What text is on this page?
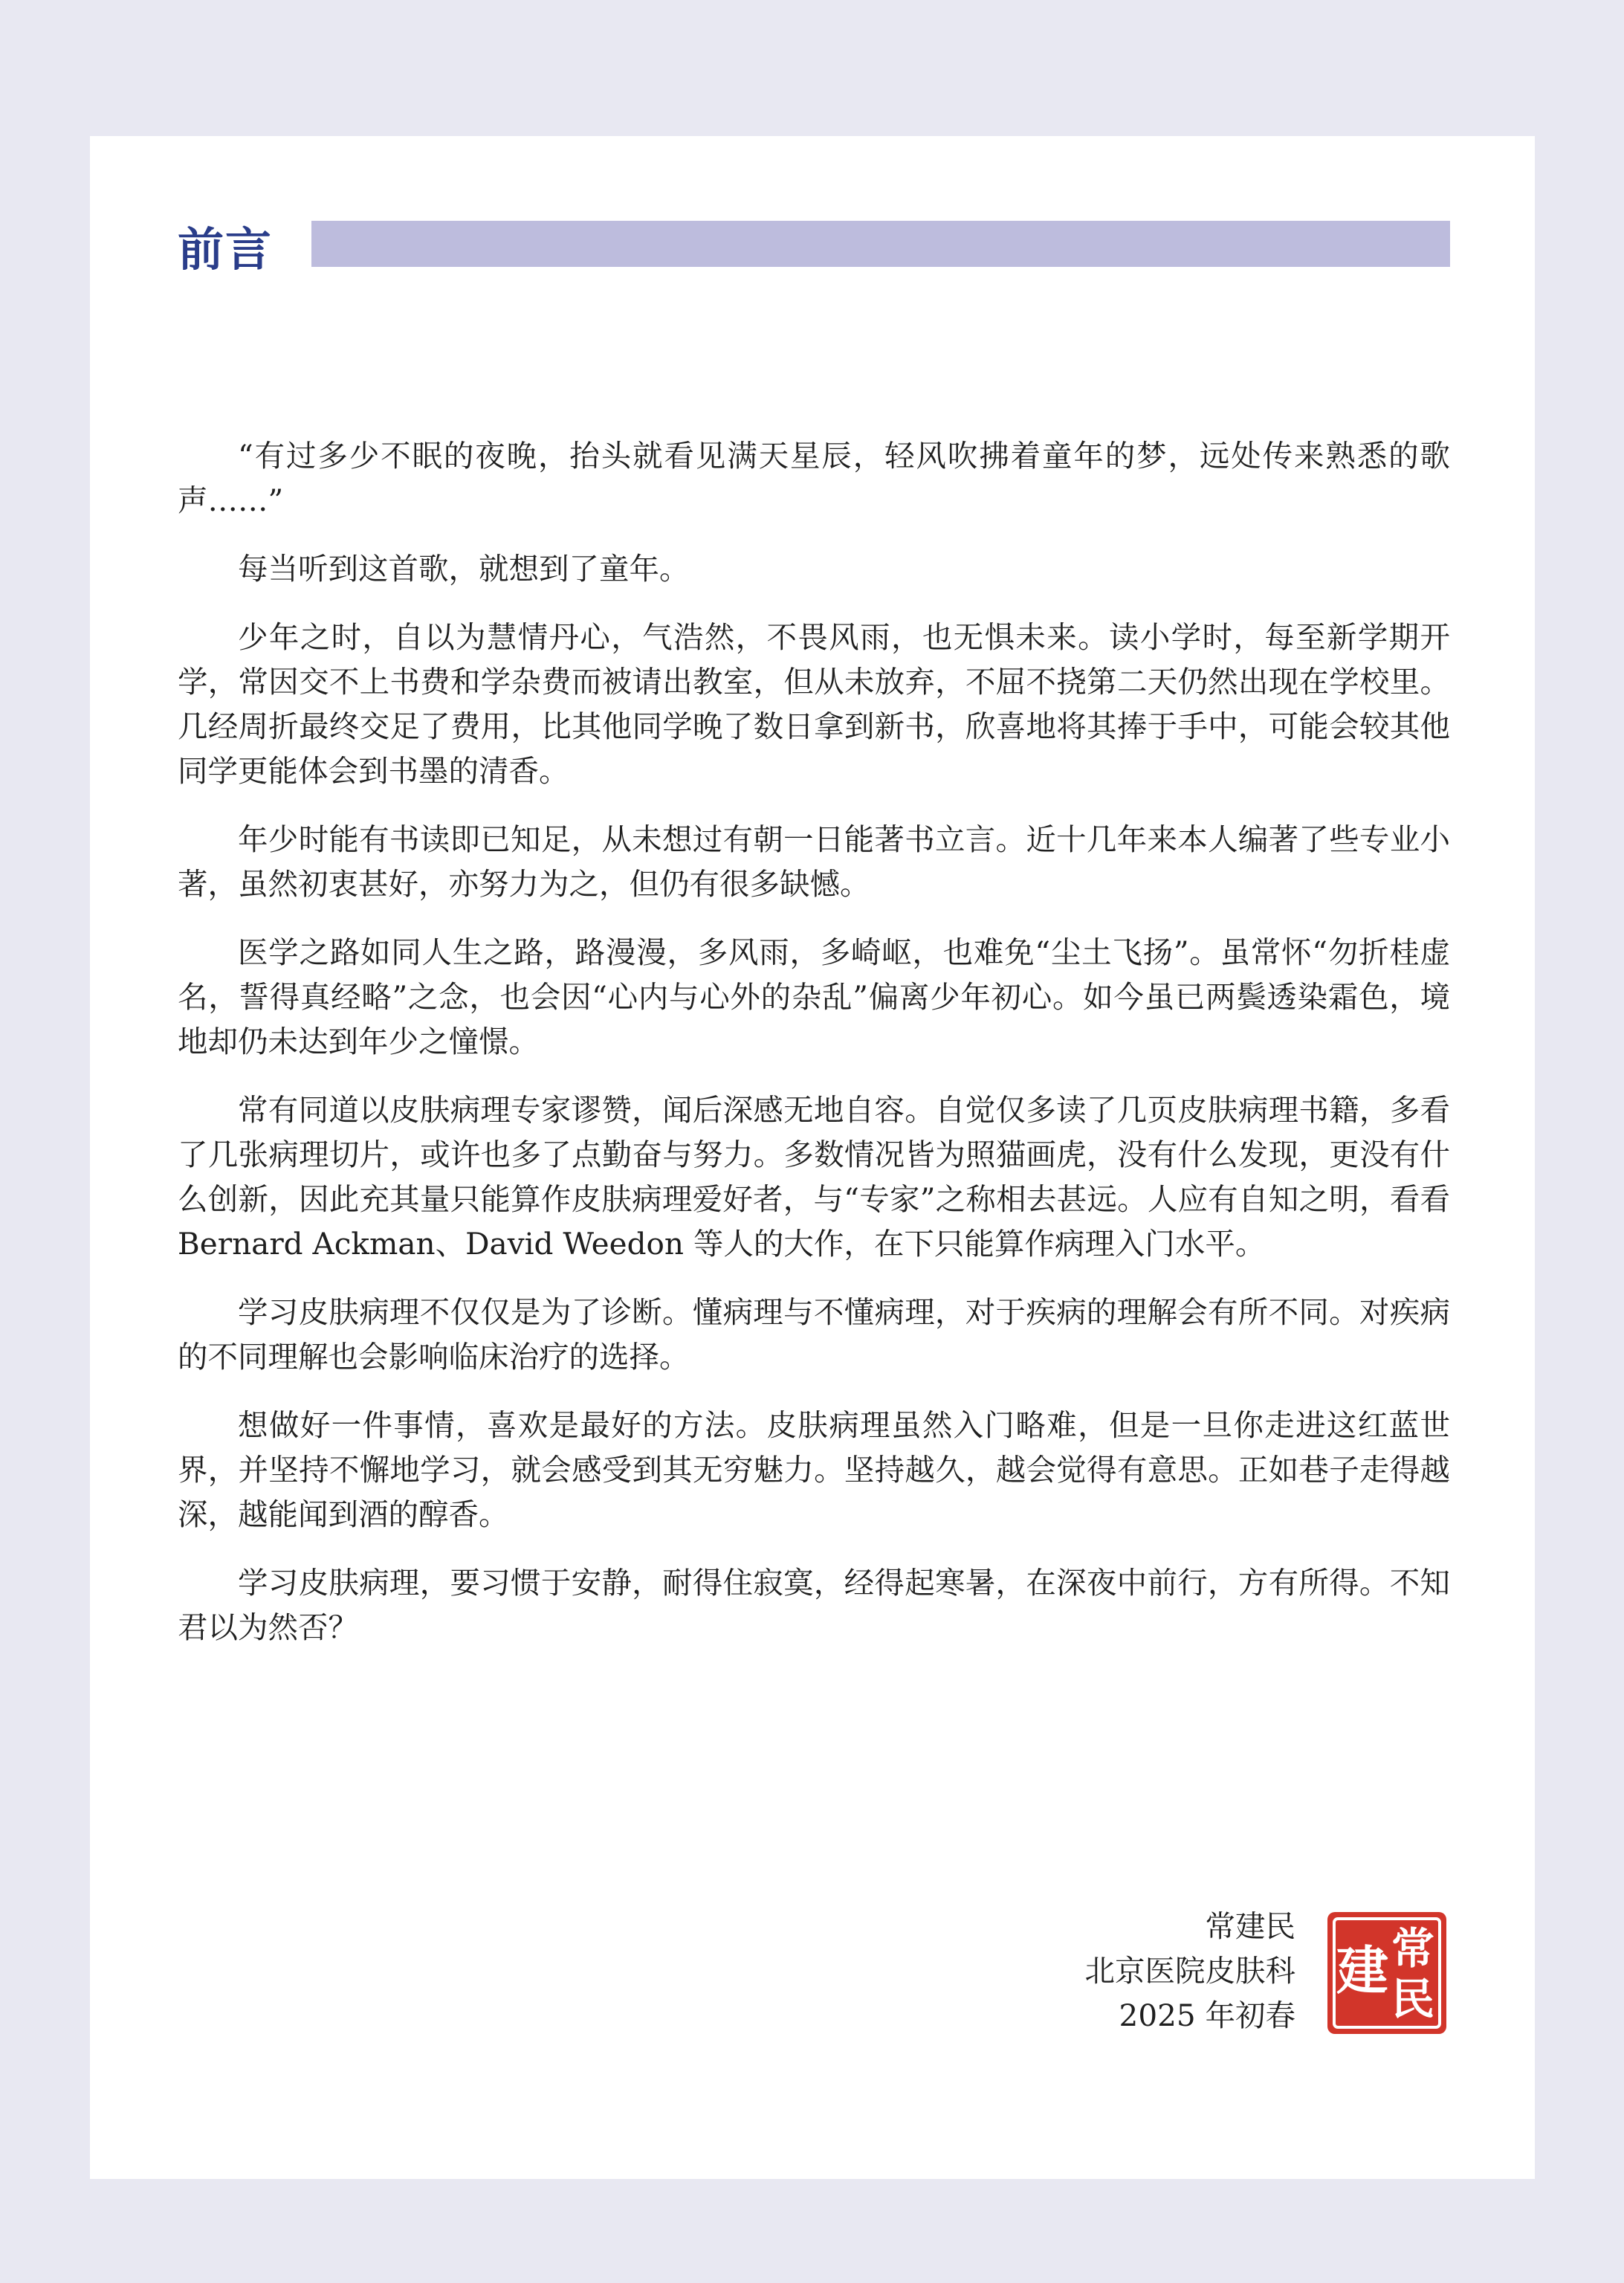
前言

“有过多少不眠的夜晚，抬头就看见满天星辰，轻风吹拂着童年的梦，远处传来熟悉的歌声……”

每当听到这首歌，就想到了童年。

少年之时，自以为慧情丹心，气浩然，不畏风雨，也无惧未来。读小学时，每至新学期开学，常因交不上书费和学杂费而被请出教室，但从未放弃，不屈不挠第二天仍然出现在学校里。几经周折最终交足了费用，比其他同学晚了数日拿到新书，欣喜地将其捧于手中，可能会较其他同学更能体会到书墨的清香。

年少时能有书读即已知足，从未想过有朝一日能著书立言。近十几年来本人编著了些专业小著，虽然初衷甚好，亦努力为之，但仍有很多缺憾。

医学之路如同人生之路，路漫漫，多风雨，多崎岖，也难免“尘土飞扬”。虽常怀“勿折桂虚名，誓得真经略”之念，也会因“心内与心外的杂乱”偏离少年初心。如今虽已两鬓透染霜色，境地却仍未达到年少之憧憬。

常有同道以皮肤病理专家谬赞，闻后深感无地自容。自觉仅多读了几页皮肤病理书籍，多看了几张病理切片，或许也多了点勤奋与努力。多数情况皆为照猫画虎，没有什么发现，更没有什么创新，因此充其量只能算作皮肤病理爱好者，与“专家”之称相去甚远。人应有自知之明，看看 Bernard Ackman、David Weedon 等人的大作，在下只能算作病理入门水平。

学习皮肤病理不仅仅是为了诊断。懂病理与不懂病理，对于疾病的理解会有所不同。对疾病的不同理解也会影响临床治疗的选择。

想做好一件事情，喜欢是最好的方法。皮肤病理虽然入门略难，但是一旦你走进这红蓝世界，并坚持不懈地学习，就会感受到其无穷魅力。坚持越久，越会觉得有意思。正如巷子走得越深，越能闻到酒的醇香。

学习皮肤病理，要习惯于安静，耐得住寂寞，经得起寒暑，在深夜中前行，方有所得。不知君以为然否？

常建民
北京医院皮肤科
2025 年初春
常
民
建
